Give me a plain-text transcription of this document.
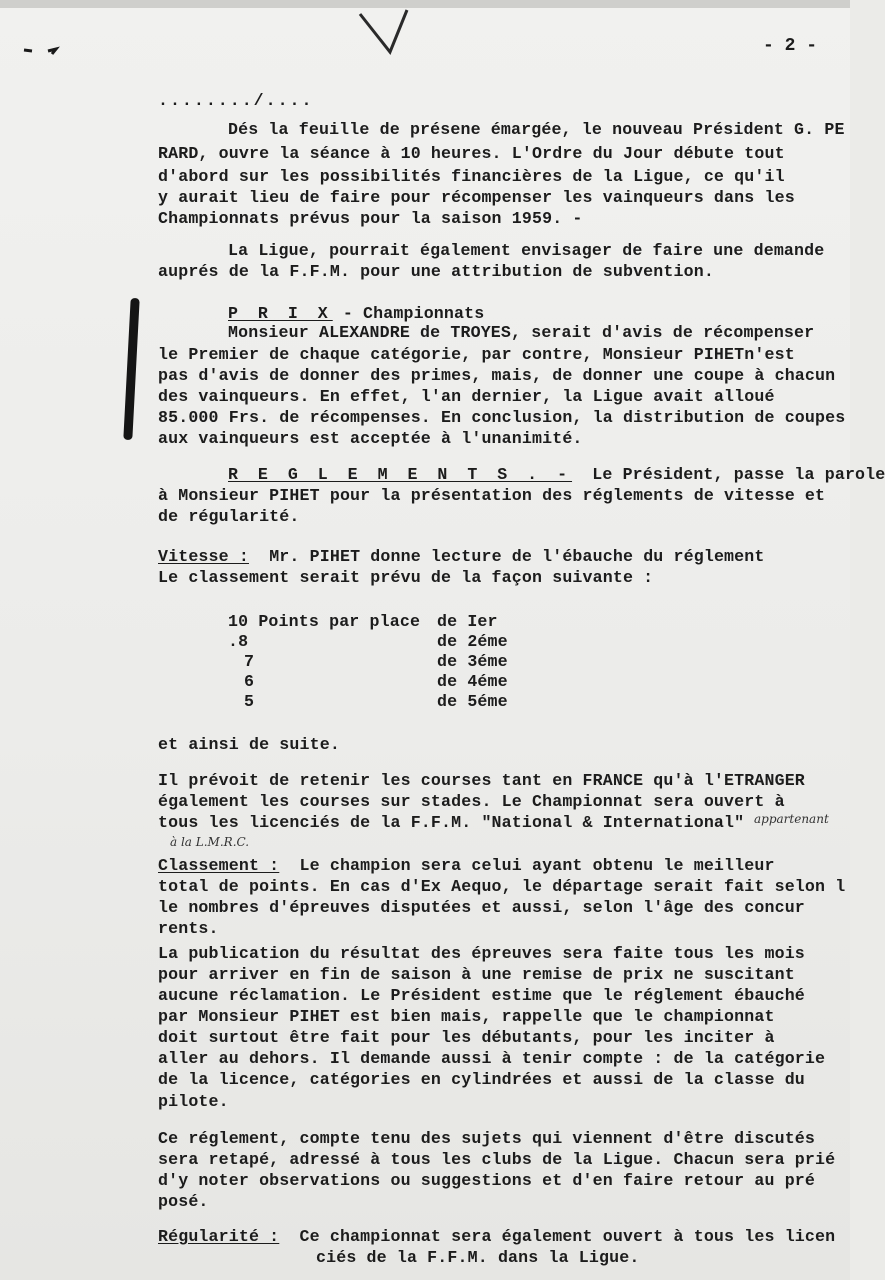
- 2 -
......../....
Dés la feuille de présene émargée, le nouveau Président G. PE
RARD, ouvre la séance à 10 heures. L'Ordre du Jour débute tout
d'abord sur les possibilités financières de la Ligue, ce qu'il
y aurait lieu de faire pour récompenser les vainqueurs dans les
Championnats prévus pour la saison 1959. -
La Ligue, pourrait également envisager de faire une demande
auprés de la F.F.M. pour une attribution de subvention.
P R I X - Championnats
Monsieur ALEXANDRE de TROYES, serait d'avis de récompenser
le Premier de chaque catégorie, par contre, Monsieur PIHETn'est
pas d'avis de donner des primes, mais, de donner une coupe à chacun
des vainqueurs. En effet, l'an dernier, la Ligue avait alloué
85.000 Frs. de récompenses. En conclusion, la distribution de coupes
aux vainqueurs est acceptée à l'unanimité.
R E G L E M E N T S . -  Le Président, passe la parole
à Monsieur PIHET pour la présentation des réglements de vitesse et
de régularité.
Vitesse :  Mr. PIHET donne lecture de l'ébauche du réglement
Le classement serait prévu de la façon suivante :
10 Points par place de Ier
.8	de 2éme
7	de 3éme
6	de 4éme
5	de 5éme
et ainsi de suite.
Il prévoit de retenir les courses tant en FRANCE qu'à l'ETRANGER
également les courses sur stades. Le Championnat sera ouvert à
tous les licenciés de la F.F.M. "National & International" appartenant
à la L.M.R.C.
Classement :  Le champion sera celui ayant obtenu le meilleur
total de points. En cas d'Ex Aequo, le départage serait fait selon l
le nombres d'épreuves disputées et aussi, selon l'âge des concur
rents.
La publication du résultat des épreuves sera faite tous les mois
pour arriver en fin de saison à une remise de prix ne suscitant
aucune réclamation. Le Président estime que le réglement ébauché
par Monsieur PIHET est bien mais, rappelle que le championnat
doit surtout être fait pour les débutants, pour les inciter à
aller au dehors. Il demande aussi à tenir compte : de la catégorie
de la licence, catégories en cylindrées et aussi de la classe du
pilote.
Ce réglement, compte tenu des sujets qui viennent d'être discutés
sera retapé, adressé à tous les clubs de la Ligue. Chacun sera prié
d'y noter observations ou suggestions et d'en faire retour au pré
posé.
Régularité :  Ce championnat sera également ouvert à tous les licen
ciés de la F.F.M. dans la Ligue.
